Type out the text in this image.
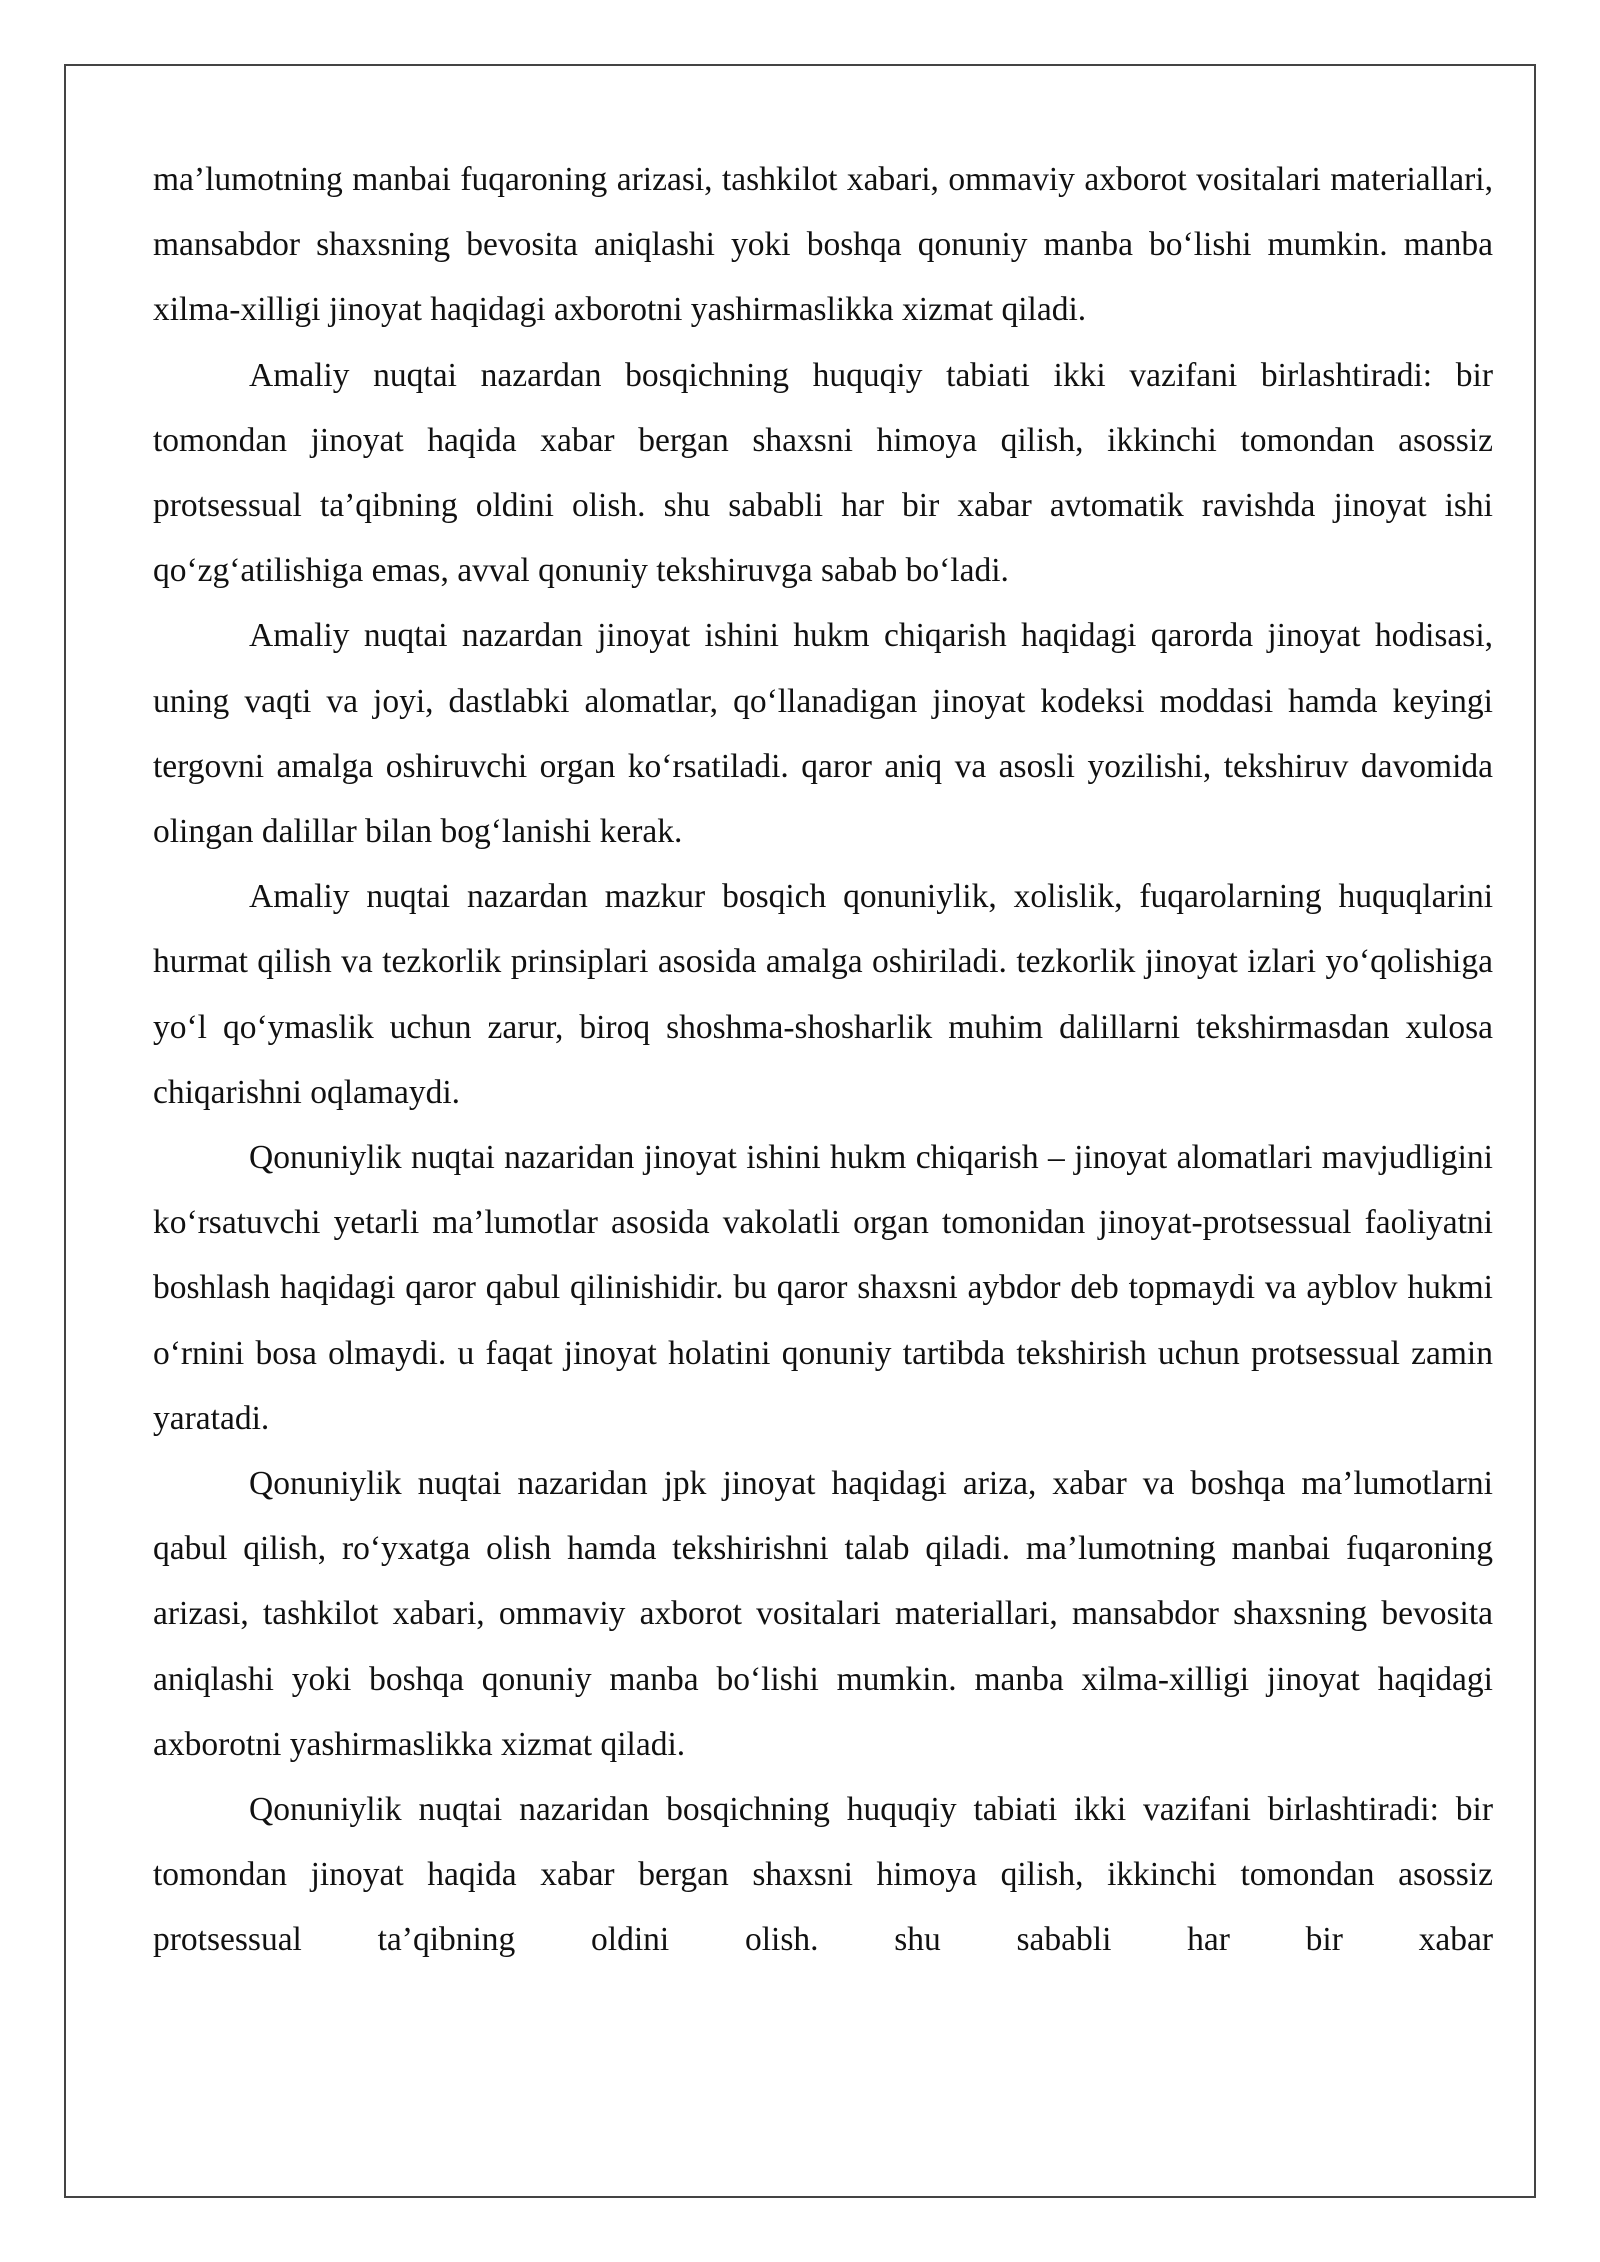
ma’lumotning manbai fuqaroning arizasi, tashkilot xabari, ommaviy axborot vositalari materiallari, mansabdor shaxsning bevosita aniqlashi yoki boshqa qonuniy manba bo‘lishi mumkin. manba xilma-xilligi jinoyat haqidagi axborotni yashirmaslikka xizmat qiladi.

Amaliy nuqtai nazardan bosqichning huquqiy tabiati ikki vazifani birlashtiradi: bir tomondan jinoyat haqida xabar bergan shaxsni himoya qilish, ikkinchi tomondan asossiz protsessual ta’qibning oldini olish. shu sababli har bir xabar avtomatik ravishda jinoyat ishi qo‘zg‘atilishiga emas, avval qonuniy tekshiruvga sabab bo‘ladi.

Amaliy nuqtai nazardan jinoyat ishini hukm chiqarish haqidagi qarorda jinoyat hodisasi, uning vaqti va joyi, dastlabki alomatlar, qo‘llanadigan jinoyat kodeksi moddasi hamda keyingi tergovni amalga oshiruvchi organ ko‘rsatiladi. qaror aniq va asosli yozilishi, tekshiruv davomida olingan dalillar bilan bog‘lanishi kerak.

Amaliy nuqtai nazardan mazkur bosqich qonuniylik, xolislik, fuqarolarning huquqlarini hurmat qilish va tezkorlik prinsiplari asosida amalga oshiriladi. tezkorlik jinoyat izlari yo‘qolishiga yo‘l qo‘ymaslik uchun zarur, biroq shoshma-shosharlik muhim dalillarni tekshirmasdan xulosa chiqarishni oqlamaydi.

Qonuniylik nuqtai nazaridan jinoyat ishini hukm chiqarish – jinoyat alomatlari mavjudligini ko‘rsatuvchi yetarli ma’lumotlar asosida vakolatli organ tomonidan jinoyat-protsessual faoliyatni boshlash haqidagi qaror qabul qilinishidir. bu qaror shaxsni aybdor deb topmaydi va ayblov hukmi o‘rnini bosa olmaydi. u faqat jinoyat holatini qonuniy tartibda tekshirish uchun protsessual zamin yaratadi.

Qonuniylik nuqtai nazaridan jpk jinoyat haqidagi ariza, xabar va boshqa ma’lumotlarni qabul qilish, ro‘yxatga olish hamda tekshirishni talab qiladi. ma’lumotning manbai fuqaroning arizasi, tashkilot xabari, ommaviy axborot vositalari materiallari, mansabdor shaxsning bevosita aniqlashi yoki boshqa qonuniy manba bo‘lishi mumkin. manba xilma-xilligi jinoyat haqidagi axborotni yashirmaslikka xizmat qiladi.

Qonuniylik nuqtai nazaridan bosqichning huquqiy tabiati ikki vazifani birlashtiradi: bir tomondan jinoyat haqida xabar bergan shaxsni himoya qilish, ikkinchi tomondan asossiz protsessual ta’qibning oldini olish. shu sababli har bir xabar
